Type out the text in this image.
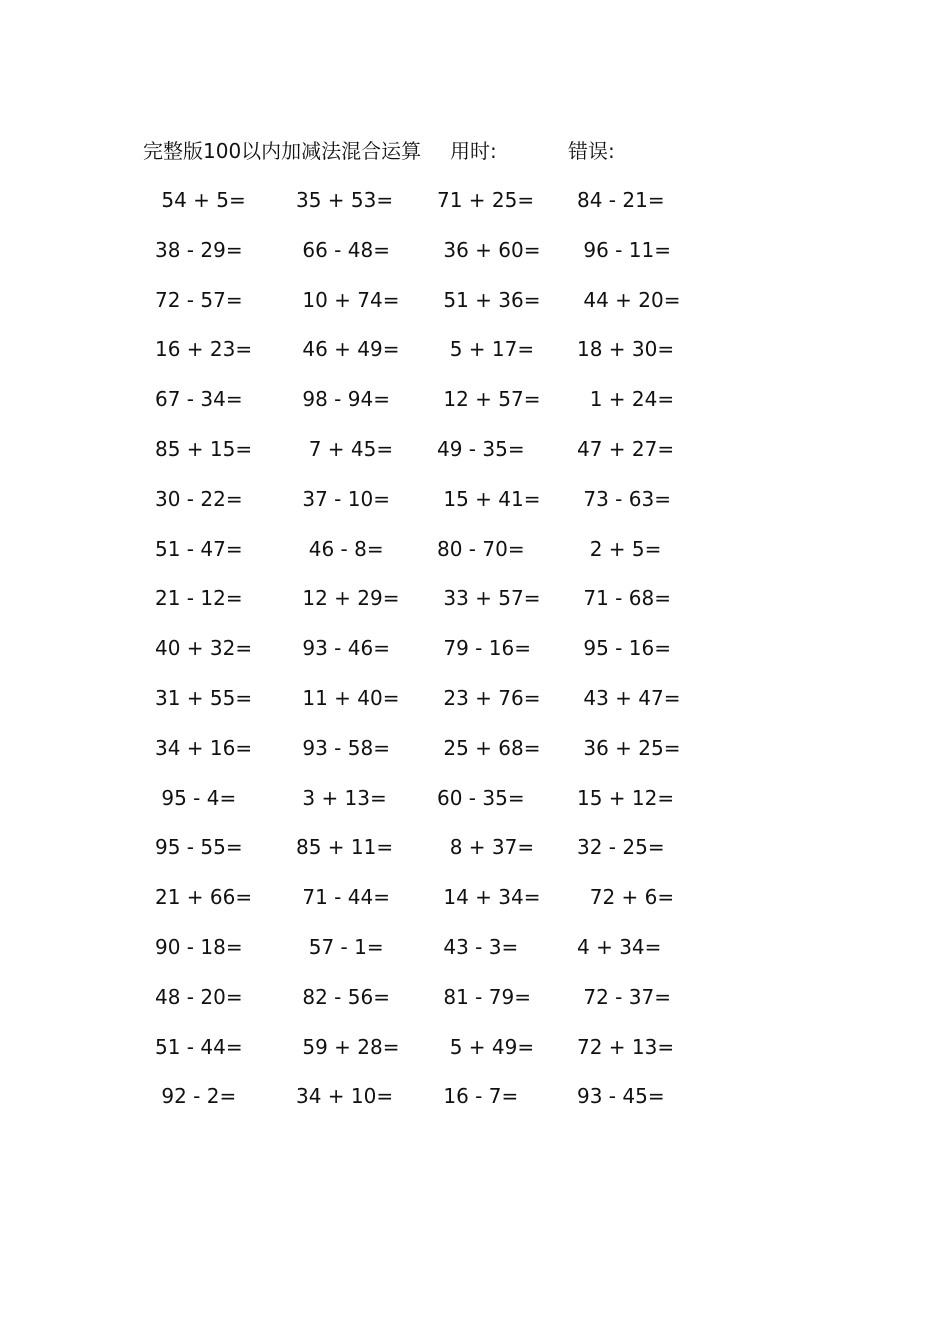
完整版100以内加减法混合运算 用时:	错误:
54 + 5=	35 + 53=	71 + 25=	84 - 21=
38 - 29=	66 - 48=	36 + 60=	96 - 11=
72 - 57=	10 + 74=	51 + 36=	44 + 20=
16 + 23=	46 + 49=	5 + 17=	18 + 30=
67 - 34=	98 - 94=	12 + 57=	1 + 24=
85 + 15=	7 + 45=	49 - 35=	47 + 27=
30 - 22=	37 - 10=	15 + 41=	73 - 63=
51 - 47=	46 - 8=	80 - 70=	2 + 5=
21 - 12=	12 + 29=	33 + 57=	71 - 68=
40 + 32=	93 - 46=	79 - 16=	95 - 16=
31 + 55=	11 + 40=	23 + 76=	43 + 47=
34 + 16=	93 - 58=	25 + 68=	36 + 25=
95 - 4=	3 + 13=	60 - 35=	15 + 12=
95 - 55=	85 + 11=	8 + 37=	32 - 25=
21 + 66=	71 - 44=	14 + 34=	72 + 6=
90 - 18=	57 - 1=	43 - 3=	4 + 34=
48 - 20=	82 - 56=	81 - 79=	72 - 37=
51 - 44=	59 + 28=	5 + 49=	72 + 13=
92 - 2=	34 + 10=	16 - 7=	93 - 45=
